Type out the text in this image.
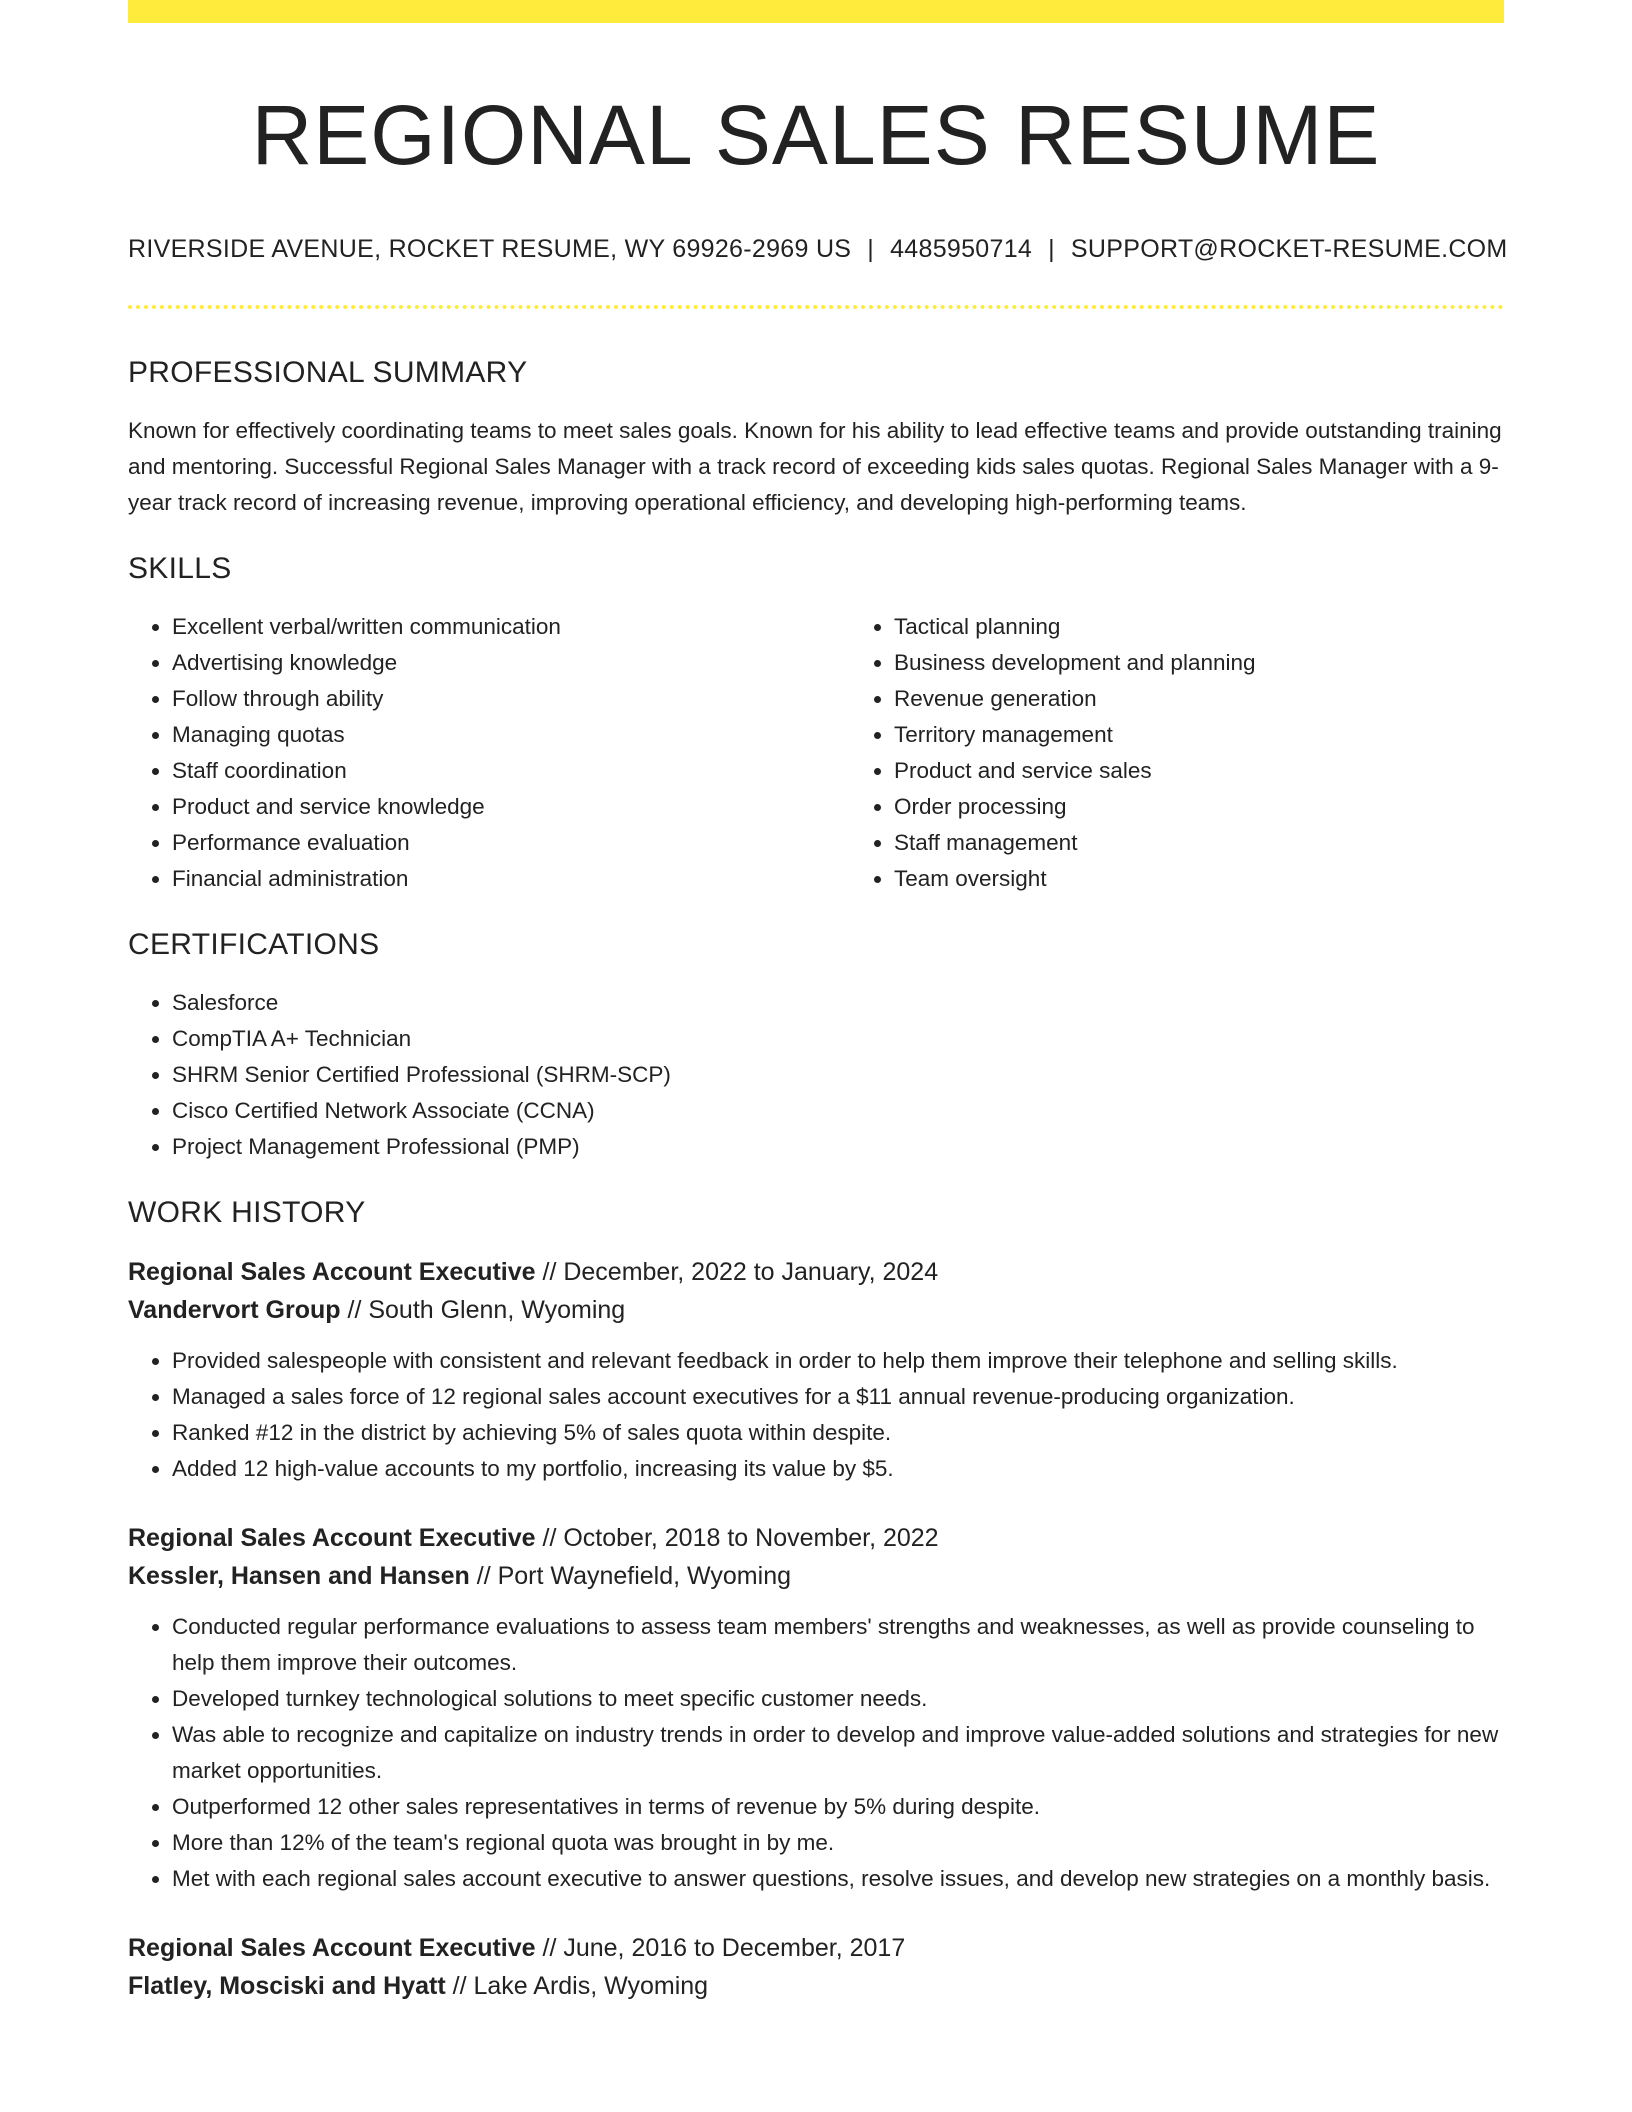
REGIONAL SALES RESUME
RIVERSIDE AVENUE, ROCKET RESUME, WY 69926-2969 US | 4485950714 | SUPPORT@ROCKET-RESUME.COM
PROFESSIONAL SUMMARY

Known for effectively coordinating teams to meet sales goals. Known for his ability to lead effective teams and provide outstanding training and mentoring. Successful Regional Sales Manager with a track record of exceeding kids sales quotas. Regional Sales Manager with a 9-year track record of increasing revenue, improving operational efficiency, and developing high-performing teams.

SKILLS
• Excellent verbal/written communication
• Advertising knowledge
• Follow through ability
• Managing quotas
• Staff coordination
• Product and service knowledge
• Performance evaluation
• Financial administration
• Tactical planning
• Business development and planning
• Revenue generation
• Territory management
• Product and service sales
• Order processing
• Staff management
• Team oversight
CERTIFICATIONS
• Salesforce
• CompTIA A+ Technician
• SHRM Senior Certified Professional (SHRM-SCP)
• Cisco Certified Network Associate (CCNA)
• Project Management Professional (PMP)
WORK HISTORY
Regional Sales Account Executive // December, 2022 to January, 2024
Vandervort Group // South Glenn, Wyoming
• Provided salespeople with consistent and relevant feedback in order to help them improve their telephone and selling skills.
• Managed a sales force of 12 regional sales account executives for a $11 annual revenue-producing organization.
• Ranked #12 in the district by achieving 5% of sales quota within despite.
• Added 12 high-value accounts to my portfolio, increasing its value by $5.
Regional Sales Account Executive // October, 2018 to November, 2022
Kessler, Hansen and Hansen // Port Waynefield, Wyoming
• Conducted regular performance evaluations to assess team members' strengths and weaknesses, as well as provide counseling to help them improve their outcomes.
• Developed turnkey technological solutions to meet specific customer needs.
• Was able to recognize and capitalize on industry trends in order to develop and improve value-added solutions and strategies for new market opportunities.
• Outperformed 12 other sales representatives in terms of revenue by 5% during despite.
• More than 12% of the team's regional quota was brought in by me.
• Met with each regional sales account executive to answer questions, resolve issues, and develop new strategies on a monthly basis.
Regional Sales Account Executive // June, 2016 to December, 2017
Flatley, Mosciski and Hyatt // Lake Ardis, Wyoming
